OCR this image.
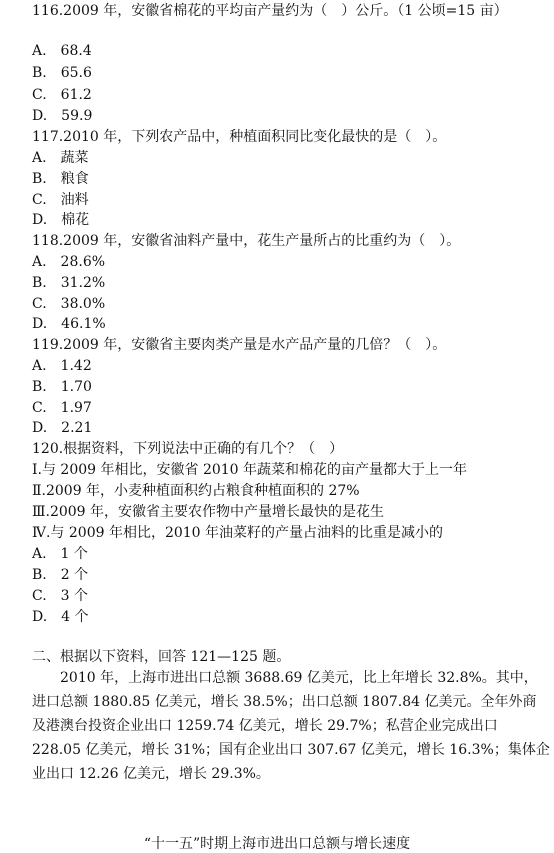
116.2009 年，安徽省棉花的平均亩产量约为（　）公斤。（1 公顷=15 亩）
A.　68.4
B.　65.6
C.　61.2
D.　59.9
117.2010 年，下列农产品中，种植面积同比变化最快的是（　）。
A.　蔬菜
B.　粮食
C.　油料
D.　棉花
118.2009 年，安徽省油料产量中，花生产量所占的比重约为（　）。
A.　28.6%
B.　31.2%
C.　38.0%
D.　46.1%
119.2009 年，安徽省主要肉类产量是水产品产量的几倍？（　）。
A.　1.42
B.　1.70
C.　1.97
D.　2.21
120.根据资料，下列说法中正确的有几个？（　）
Ⅰ.与 2009 年相比，安徽省 2010 年蔬菜和棉花的亩产量都大于上一年
Ⅱ.2009 年，小麦种植面积约占粮食种植面积的 27%
Ⅲ.2009 年，安徽省主要农作物中产量增长最快的是花生
Ⅳ.与 2009 年相比，2010 年油菜籽的产量占油料的比重是减小的
A.　1 个
B.　2 个
C.　3 个
D.　4 个
二、根据以下资料，回答 121—125 题。
2010 年，上海市进出口总额 3688.69 亿美元，比上年增长 32.8%。其中，进口总额 1880.85 亿美元，增长 38.5%；出口总额 1807.84 亿美元。全年外商及港澳台投资企业出口 1259.74 亿美元，增长 29.7%；私营企业完成出口 228.05 亿美元，增长 31%；国有企业出口 307.67 亿美元，增长 16.3%；集体企业出口 12.26 亿美元，增长 29.3%。
“十一五”时期上海市进出口总额与增长速度
